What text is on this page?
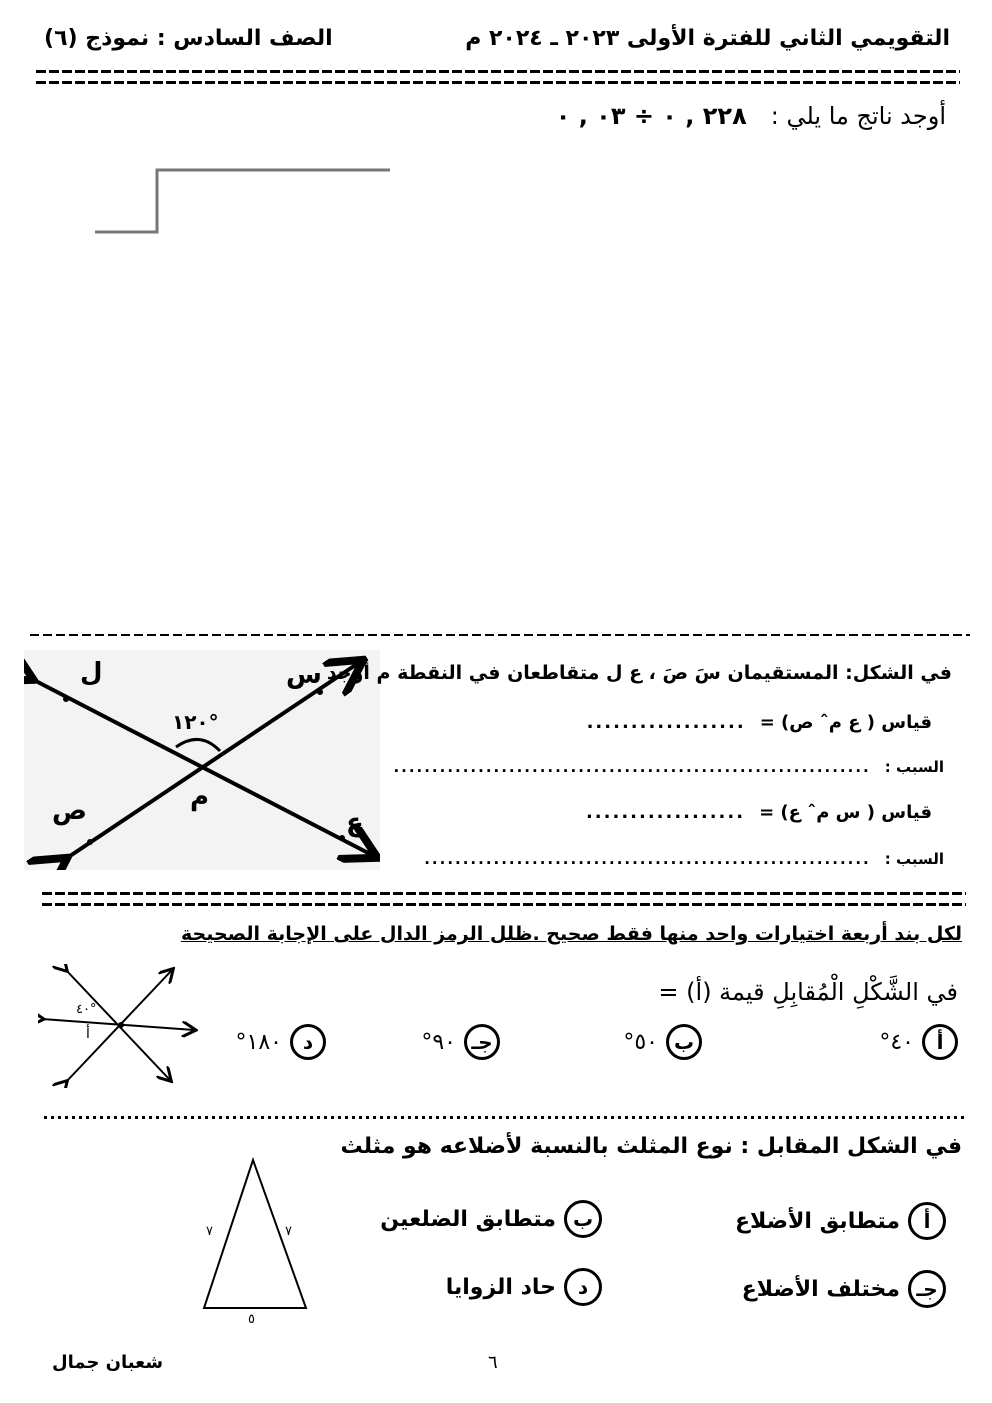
التقويمي الثاني للفترة الأولى ٢٠٢٣ ـ ٢٠٢٤ م
الصف السادس : نموذج (٦)
أوجد ناتج ما يلي :
٢٢٨ , ٠ ÷ ٠٣ , ٠
١٢٠°
ل	س
ص	ع
م
في الشكل: المستقيمان سَ صَ ، ع ل متقاطعان في النقطة م أوجد
قياس ( ع مˆ ص) =
..................
السبب :
..............................................................
قياس ( س مˆ ع) =
..................
السبب :
..........................................................
لكل بند أربعة اختيارات واحد منها فقط صحيح .ظلل الرمز الدال على الإجابة الصحيحة
في الشَّكْلِ الْمُقابِلِ قيمة (أ) =
٤٠°
أ	أ
٤٠°
ب
٥٠°
جـ
٩٠°
د
١٨٠°
في الشكل المقابل : نوع المثلث بالنسبة لأضلاعه هو مثلث
٧	٧
٥
أ
متطابق الأضلاع
ب
متطابق الضلعين
جـ
مختلف الأضلاع
د
حاد الزوايا
٦
شعبان جمال
